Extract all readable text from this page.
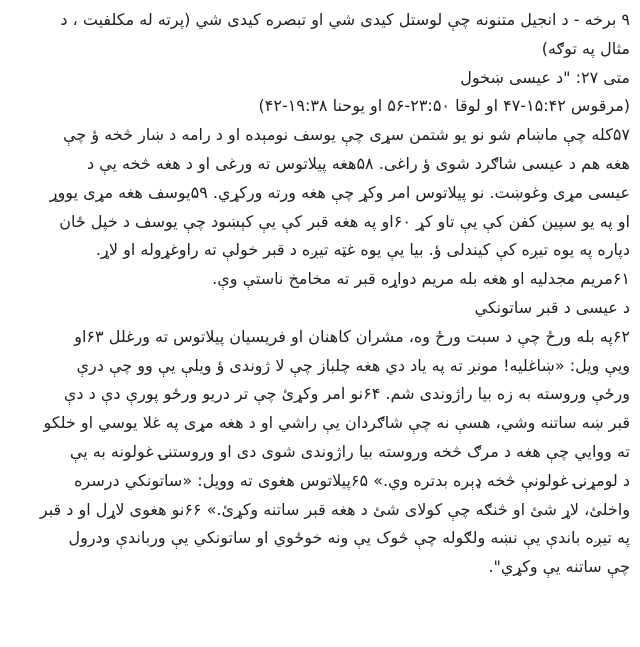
۹ برخه - د انجیل متنونه چې لوستل کیدی شي او تبصره کیدی شي (پرته له مکلفیت ، د

مثال په توګه)

متی ۲۷: "د عیسی ښخول

(مرقوس ۱۵:۴۲-۴۷ او لوقا ۲۳:۵۰-۵۶ او یوحنا ۱۹:۳۸-۴۲)

۵۷کله چې ماښام شو نو یو شتمن سړی چې یوسف نومېده او د رامه د ښار څخه ؤ چې

هغه هم د عیسی شاګرد شوی ؤ راغی. ۵۸هغه پیلاتوس ته ورغی او د هغه څخه یې د

عیسی مړی وغوښت. نو پیلاتوس امر وکړ چې هغه ورته ورکړي. ۵۹یوسف هغه مړی یووړ

او په یو سپین کفن کې یې تاو کړ ۶۰او په هغه قبر کې یې کېښود چې یوسف د خپل ځان

دپاره په یوه تیږه کې کیندلی ؤ. بیا یې یوه غټه تیږه د قبر خولې ته راوغړوله او لاړ.

۶۱مریم مجدلیه او هغه بله مریم دواړه قبر ته مخامخ ناستې وې.

د عیسی د قبر ساتونکي

۶۲په بله ورځ چې د سبت ورځ وه، مشران کاهنان او فریسیان پیلاتوس ته ورغلل ۶۳او

ویې ویل: «ښاغلیه! مونږ ته په یاد دي هغه چلباز چې لا ژوندی ؤ ویلې یې وو چې درې

ورځې وروسته به زه بیا راژوندی شم. ۶۴نو امر وکړئ چې تر دریو ورځو پورې دې د دې

قبر ښه ساتنه وشي، هسې نه چې شاګردان یې راشي او د هغه مړی په غلا یوسي او خلکو

ته ووایي چې هغه د مرګ څخه وروسته بیا راژوندی شوی دی او وروستنۍ غولونه به یې

د لومړنۍ غولونې څخه ډېره بدتره وي.» ۶۵پیلاتوس هغوی ته وویل: «ساتونکي درسره

واخلئ، لاړ شئ او څنګه چې کولای شئ د هغه قبر ساتنه وکړئ.» ۶۶نو هغوی لاړل او د قبر

په تیږه باندې یې نښه ولګوله چې څوک یې ونه خوځوي او ساتونکي یې ورباندې ودرول

چې ساتنه یې وکړي".
